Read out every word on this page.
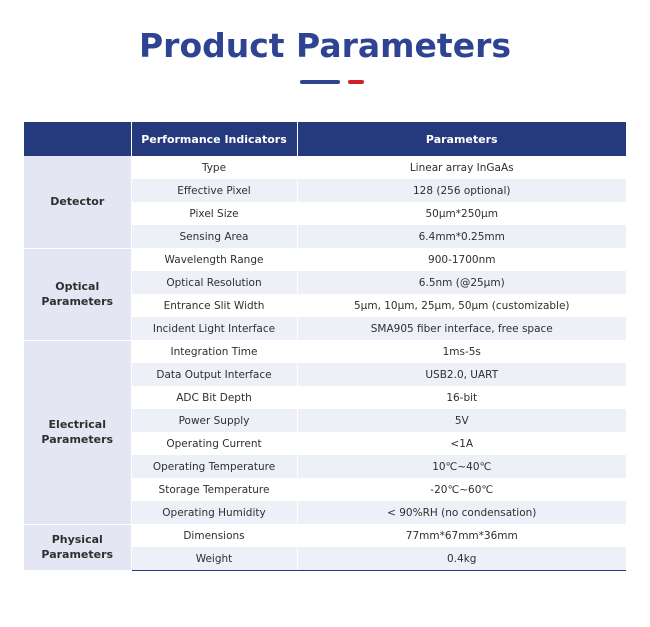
Product Parameters
	Performance Indicators	Parameters
Detector	Type	Linear array InGaAs
	Effective Pixel	128 (256 optional)
	Pixel Size	50μm*250μm
	Sensing Area	6.4mm*0.25mm

Optical
Parameters	Wavelength Range	900-1700nm
	Optical Resolution	6.5nm (@25μm)
	Entrance Slit Width	5μm, 10μm, 25μm, 50μm (customizable)
	Incident Light Interface	SMA905 fiber interface, free space

Electrical
Parameters	Integration Time	1ms-5s
	Data Output Interface	USB2.0, UART
	ADC Bit Depth	16-bit
	Power Supply	5V
	Operating Current	<1A
	Operating Temperature	10℃~40℃
	Storage Temperature	-20℃~60℃
	Operating Humidity	< 90%RH (no condensation)

Physical
Parameters	Dimensions	77mm*67mm*36mm
	Weight	0.4kg
